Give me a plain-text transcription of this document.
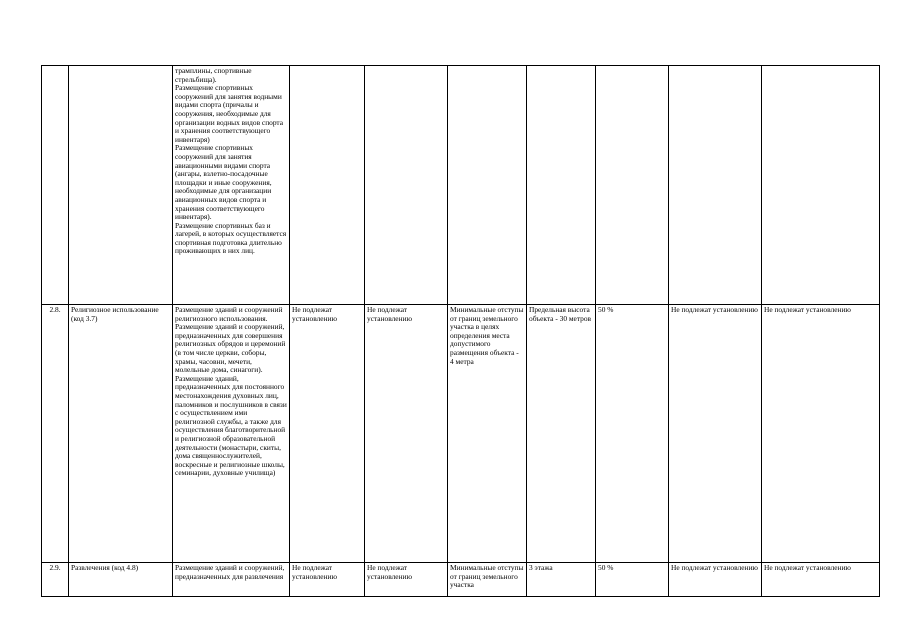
		трамплины, спортивные стрельбища).
Размещение спортивных сооружений для занятия водными видами спорта (причалы и сооружения, необходимые для организации водных видов спорта и хранения соответствующего инвентаря)
Размещение спортивных сооружений для занятия авиационными видами спорта (ангары, взлетно-посадочные площадки и иные сооружения, необходимые для организации авиационных видов спорта и хранения соответствующего инвентаря).
Размещение спортивных баз и лагерей, в которых осуществляется спортивная подготовка длительно проживающих в них лиц.							
2.8.	Религиозное использование (код 3.7)	Размещение зданий и сооружений религиозного использования.
Размещение зданий и сооружений, предназначенных для совершения религиозных обрядов и церемоний (в том числе церкви, соборы, храмы, часовни, мечети, молельные дома, синагоги).
Размещение зданий, предназначенных для постоянного местонахождения духовных лиц, паломников и послушников в связи с осуществлением ими религиозной службы, а также для осуществления благотворительной и религиозной образовательной деятельности (монастыри, скиты, дома священнослужителей, воскресные и религиозные школы, семинарии, духовные училища)	Не подлежат установлению	Не подлежат установлению	Минимальные отступы от границ земельного участка в целях определения места допустимого размещения объекта - 4 метра	Предельная высота объекта - 30 метров	50 %	Не подлежат установлению	Не подлежат установлению
2.9.	Развлечения (код 4.8)	Размещение зданий и сооружений, предназначенных для развлечения	Не подлежат установлению	Не подлежат установлению	Минимальные отступы от границ земельного участка	3 этажа	50 %	Не подлежат установлению	Не подлежат установлению
